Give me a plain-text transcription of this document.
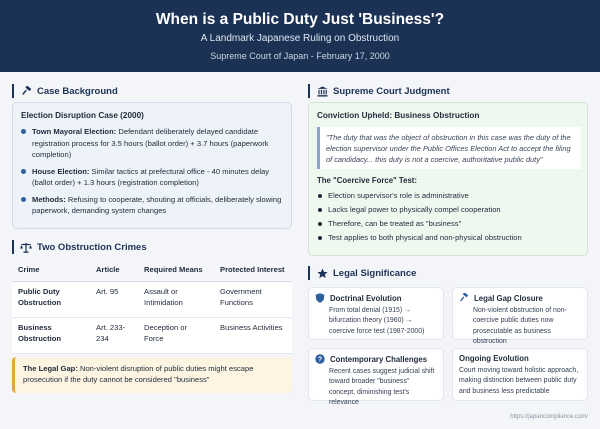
When is a Public Duty Just 'Business'?
A Landmark Japanese Ruling on Obstruction
Supreme Court of Japan - February 17, 2000
Case Background
Election Disruption Case (2000)
Town Mayoral Election: Defendant deliberately delayed candidate registration process for 3.5 hours (ballot order) + 3.7 hours (paperwork completion)
House Election: Similar tactics at prefectural office - 40 minutes delay (ballot order) + 1.3 hours (registration completion)
Methods: Refusing to cooperate, shouting at officials, deliberately slowing paperwork, demanding system changes
Two Obstruction Crimes
Crime	Article	Required Means	Protected Interest
Public Duty Obstruction	Art. 95	Assault or Intimidation	Government Functions
Business Obstruction	Art. 233-234	Deception or Force	Business Activities
The Legal Gap: Non-violent disruption of public duties might escape prosecution if the duty cannot be considered "business"
Supreme Court Judgment
Conviction Upheld: Business Obstruction
"The duty that was the object of obstruction in this case was the duty of the election supervisor under the Public Offices Election Act to accept the filing of candidacy... this duty is not a coercive, authoritative public duty"
The "Coercive Force" Test:
Election supervisor's role is administrative
Lacks legal power to physically compel cooperation
Therefore, can be treated as "business"
Test applies to both physical and non-physical obstruction
Legal Significance
Doctrinal Evolution
From total denial (1915) → bifurcation theory (1960) → coercive force test (1987-2000)
Legal Gap Closure
Non-violent obstruction of non-coercive public duties now prosecutable as business obstruction
? Contemporary Challenges
Recent cases suggest judicial shift toward broader "business" concept, diminishing test's relevance
Ongoing Evolution
Court moving toward holistic approach, making distinction between public duty and business less predictable
https://japancompliance.com/
